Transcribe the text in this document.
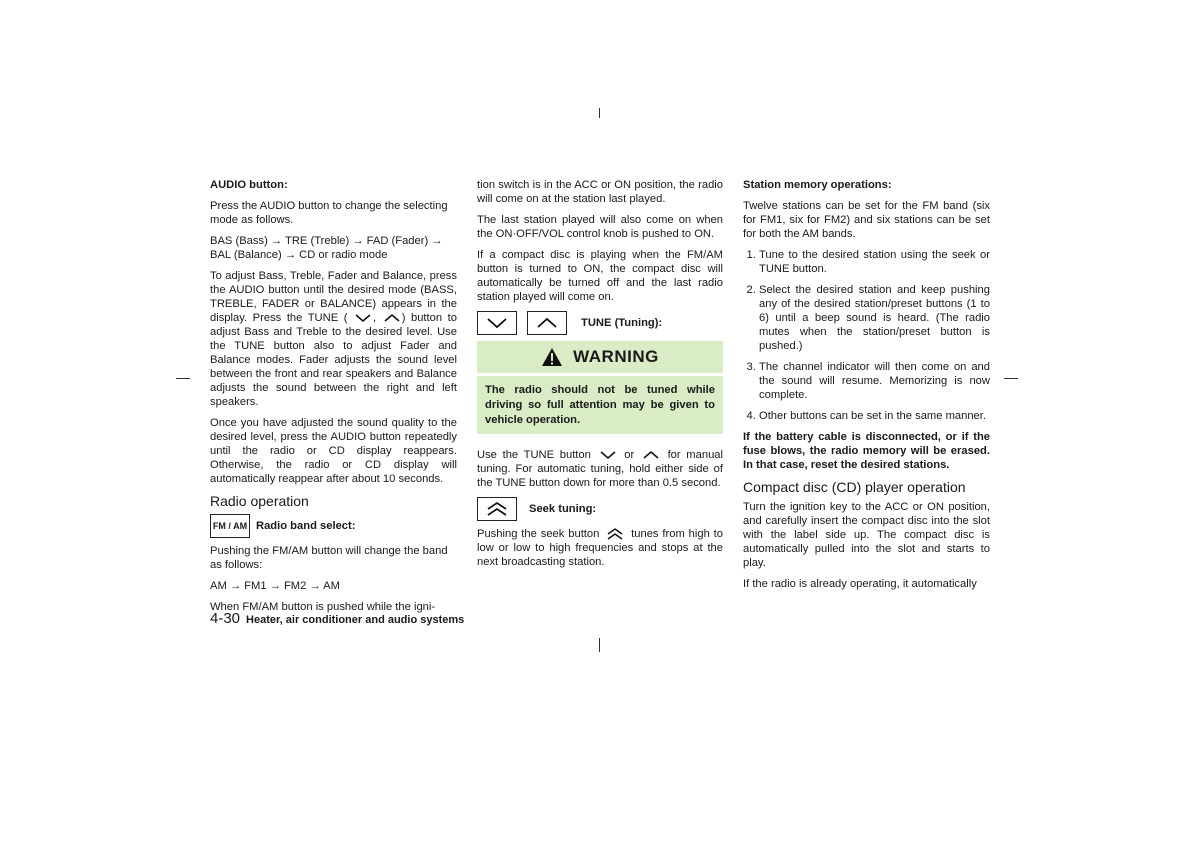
AUDIO button:

Press the AUDIO button to change the selecting mode as follows.

BAS (Bass) → TRE (Treble) → FAD (Fader) → BAL (Balance) → CD or radio mode

To adjust Bass, Treble, Fader and Balance, press the AUDIO button until the desired mode (BASS, TREBLE, FADER or BALANCE) appears in the display. Press the TUNE ( , ) button to adjust Bass and Treble to the desired level. Use the TUNE button also to adjust Fader and Balance modes. Fader adjusts the sound level between the front and rear speakers and Balance adjusts the sound between the right and left speakers.

Once you have adjusted the sound quality to the desired level, press the AUDIO button repeatedly until the radio or CD display reappears. Otherwise, the radio or CD display will automatically reappear after about 10 seconds.

Radio operation
FM / AM Radio band select:

Pushing the FM/AM button will change the band as follows:

AM → FM1 → FM2 → AM

When FM/AM button is pushed while the igni-

tion switch is in the ACC or ON position, the radio will come on at the station last played.

The last station played will also come on when the ON·OFF/VOL control knob is pushed to ON.

If a compact disc is playing when the FM/AM button is turned to ON, the compact disc will automatically be turned off and the last radio station played will come on.

TUNE (Tuning):
WARNING
The radio should not be tuned while driving so full attention may be given to vehicle operation.

Use the TUNE button	or	for manual tuning. For automatic tuning, hold either side of the TUNE button down for more than 0.5 second.

Seek tuning:

Pushing the seek button	tunes from high to low or low to high frequencies and stops at the next broadcasting station.

Station memory operations:

Twelve stations can be set for the FM band (six for FM1, six for FM2) and six stations can be set for both the AM bands.

1. Tune to the desired station using the seek or TUNE button.
2. Select the desired station and keep pushing any of the desired station/preset buttons (1 to 6) until a beep sound is heard. (The radio mutes when the station/preset button is pushed.)
3. The channel indicator will then come on and the sound will resume. Memorizing is now complete.
4. Other buttons can be set in the same manner.

If the battery cable is disconnected, or if the fuse blows, the radio memory will be erased. In that case, reset the desired stations.

Compact disc (CD) player operation

Turn the ignition key to the ACC or ON position, and carefully insert the compact disc into the slot with the label side up. The compact disc is automatically pulled into the slot and starts to play.

If the radio is already operating, it automatically

4-30 Heater, air conditioner and audio systems
